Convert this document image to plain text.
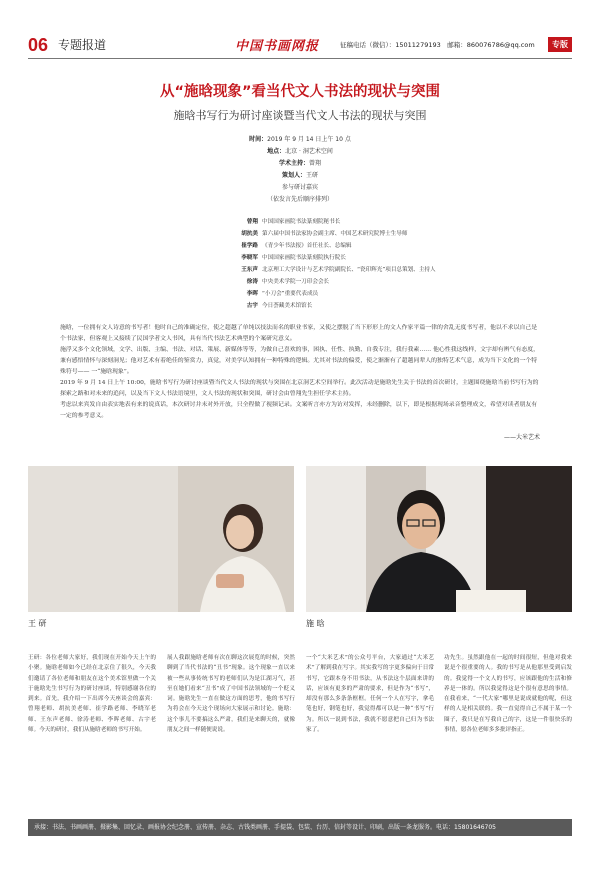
06 专题报道	中国书画网报	征稿电话（微信）：15011279193　邮箱：860076786@qq.com	专版
从“施晗现象”看当代文人书法的现状与突围
施晗书写行为研讨座谈暨当代文人书法的现状与突围
时间： 2019 年 9 月 14 日上午 10 点
地点： 北京 · 洞艺术空间
学术主持： 曾翔
策划人： 王研
参与研讨嘉宾
（依发言先后顺序排列）
曾翔 中国国家画院书法篆刻院秘书长
胡抗美 第六届中国书法家协会副主席、中国艺术研究院博士生导师
崔学路 《青少年书法报》首任社长、总编辑
李晓军 中国国家画院书法篆刻院执行院长
王东声 北京理工大学设计与艺术学院副院长、“瓷印辉光”项目总策划、主持人
徐涛 中央美术学院一刀印会会长
李晖 “小刀会”重要代表成员
古宇 今日荟藏美术馆馆长

施晗，一位拥有文人诗意的书写者！他时自己的准确定位，使之超越了单纯以技法而名的职业书家，又使之摆脱了当下形形上的文人作家平篇一律的舍乱无度书写者，他以不求以自己是个书法家，但客观上又接续了民国学者文人书风，具有当代书法艺术典型的个案研究意义。

施浮又多个文化领域，文学、出版、主编、书法、对话、策展、新媒体等等，为做自己喜欢的事，困执、任性、执勤、自我专注，我行我素…… 他心性我这线样，文字却有辨气有态度，兼有感悟情怀与深刻洞见；他对艺术有着绝佳的鉴赏力，真觉，对美学认知拥有一种特殊的逻辑。尤其对书法的偏爱，使之渐渐有了超越同辈人的独特艺术气息，成为当下文化的一个特殊符号—— 一“施晗现象”。

2019 年 9 月 14 日上午 10:00，施晗书写行为研讨座谈暨当代文人书法的现状与突围在北京洞艺术空间举行。此次活动是施晗先生关于书法的首次研讨，主题围绕施晗当前书写行为的探索之路和对未来的追问，以及当下文人书法语境里，文人书法的现状和突围，研讨会由曾翔先生担任学术主持。

考虑以来宾发自由表实地表有来的说真话，本次研讨并未对外开放，只全程做了视频记录。文案听言亦方为访对发挥，未经删除，以下，即是根据现场录音整理成文，希望对读者朋友有一定的参考意义。

——大米艺术
王 研	施 晗
王研：各位老师大家好，我们现在开始今天上午的小聚。施晗老师如今已经在北京住了很久，今天我们邀请了各位老师和朋友在这个美术馆里做一个关于施晗先生书写行为的研讨座谈，特别感谢各位的到来。首先，我介绍一下出席今天座谈会的嘉宾：曾翔老师、胡抗美老师、崔学路老师、李晓军老师、王东声老师、徐涛老师、李晖老师、古宇老师。今天的研讨，我们从施晗老师的书写开始。
展人我跟施晗老师有次在聊这次展览的时候，突然聊到了当代书法的“丑书”现象。这个现象一直以来被一些从事传统书写的老师们认为是江湖习气，甚至在她们看来“丑书”成了中国书法领域的一个贬义词。施晗先生一直在做这方面的思考，他的书写行为将会在今天这个现场向大家展示和讨论。施晗：这个事儿不要搞这么严肃，我们是来聊天的，就像朋友之间一样随便说说。
一个“大米艺术”的公众号平台，大家通过“大米艺术”了解到我在写字。其实我写的字更多偏向于日常书写，它跟本身不用书法，从书法这个层面来讲的话，应该有更多的严肃的要求，但是作为“书写”，却没有那么多条条框框。任何一个人在写字，拿毛笔也好，钢笔也好，我觉得都可以是一种“书写”行为。所以一说到书法，我就不愿意把自己归为书法家了。
功先生。虽然跟他在一起的时间很短，但他对我来说是个很重要的人。我的书写是从他那里受到启发的。我觉得一个文人的书写，应该跟他的生活和修养是一体的。所以我觉得这是个很有意思的事情。在我看来，“一代大家”哪里是说成就他的呢，但这样的人是相关联的。我一直觉得自己不属于某一个圈子，我只是在写我自己的字，这是一件很快乐的事情，愿各位老师多多批评指正。
承接：书法、书画画册、摄影集、回忆录、画报协会纪念册、宣传册、杂志、古钱类画册、手提袋、包装、台历、信封等设计、印刷，出版一条龙服务。电话：15801646705
